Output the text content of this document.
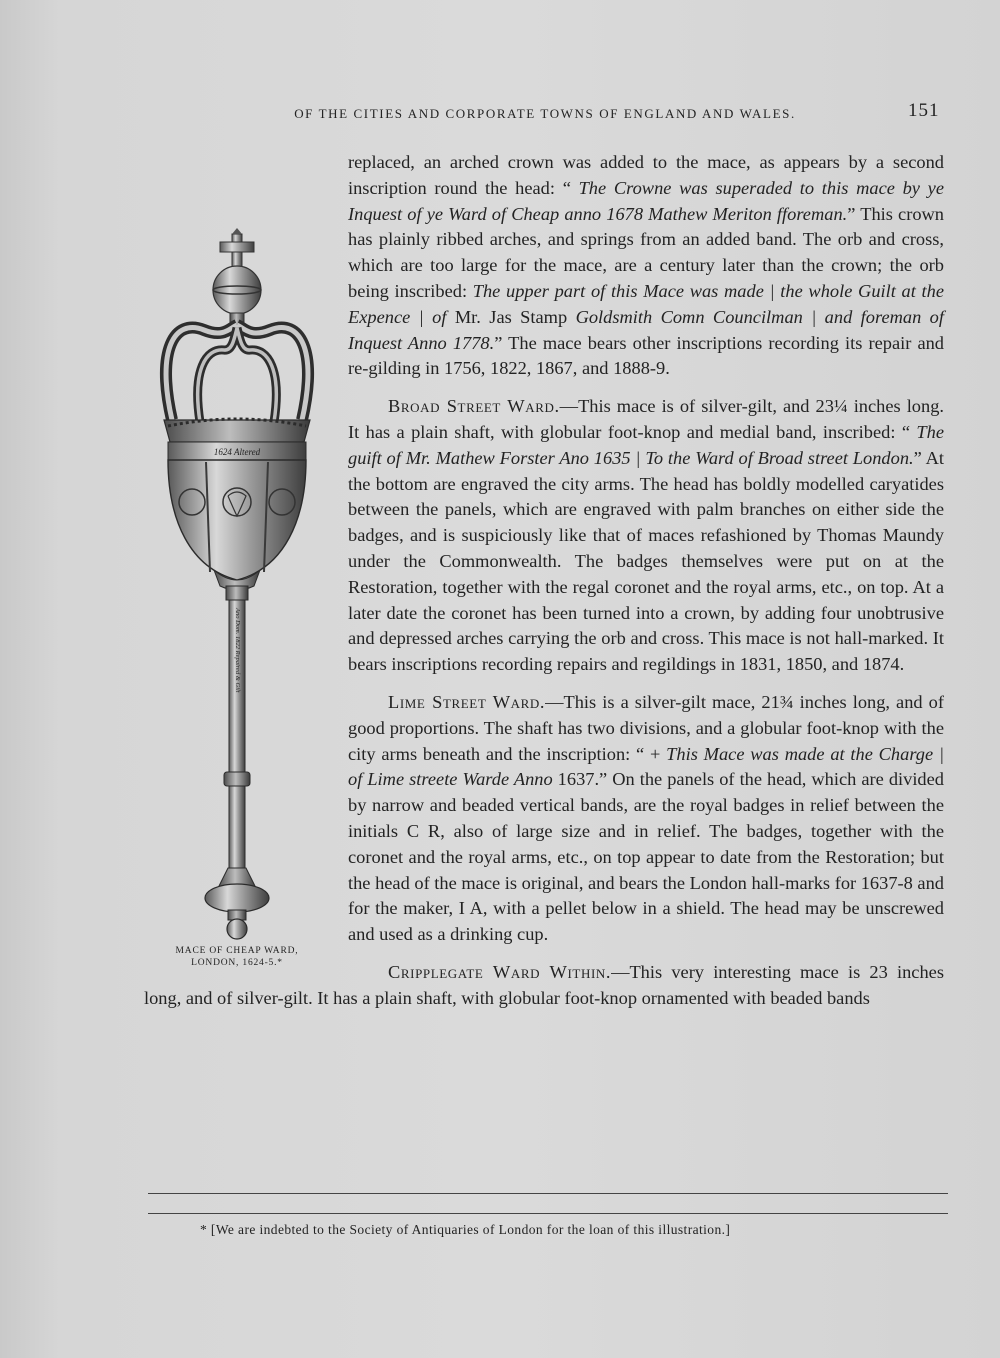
OF THE CITIES AND CORPORATE TOWNS OF ENGLAND AND WALES.	151
1624 Altered
Ano Dom. 1822 Repaired & Gilt
MACE OF CHEAP WARD,
LONDON, 1624-5.*

replaced, an arched crown was added to the mace, as appears by a second inscription round the head: “ The Crowne was superaded to this mace by ye Inquest of ye Ward of Cheap anno 1678 Mathew Meriton fforeman.” This crown has plainly ribbed arches, and springs from an added band. The orb and cross, which are too large for the mace, are a century later than the crown; the orb being inscribed: The upper part of this Mace was made | the whole Guilt at the Expence | of Mr. Jas Stamp Goldsmith Comn Councilman | and foreman of Inquest Anno 1778.” The mace bears other inscriptions recording its repair and re-gilding in 1756, 1822, 1867, and 1888-9.

Broad Street Ward.—This mace is of silver-gilt, and 23¼ inches long. It has a plain shaft, with globular foot-knop and medial band, inscribed: “ The guift of Mr. Mathew Forster Ano 1635 | To the Ward of Broad street London.” At the bottom are engraved the city arms. The head has boldly modelled caryatides between the panels, which are engraved with palm branches on either side the badges, and is suspiciously like that of maces refashioned by Thomas Maundy under the Commonwealth. The badges themselves were put on at the Restoration, together with the regal coronet and the royal arms, etc., on top. At a later date the coronet has been turned into a crown, by adding four unobtrusive and depressed arches carrying the orb and cross. This mace is not hall-marked. It bears inscriptions recording repairs and regildings in 1831, 1850, and 1874.

Lime Street Ward.—This is a silver-gilt mace, 21¾ inches long, and of good proportions. The shaft has two divisions, and a globular foot-knop with the city arms beneath and the inscription: “ + This Mace was made at the Charge | of Lime streete Warde Anno 1637.” On the panels of the head, which are divided by narrow and beaded vertical bands, are the royal badges in relief between the initials C R, also of large size and in relief. The badges, together with the coronet and the royal arms, etc., on top appear to date from the Restoration; but the head of the mace is original, and bears the London hall-marks for 1637-8 and for the maker, I A, with a pellet below in a shield. The head may be unscrewed and used as a drinking cup.

Cripplegate Ward Within.—This very interesting mace is 23 inches long, and of silver-gilt. It has a plain shaft, with globular foot-knop ornamented with beaded bands

* [We are indebted to the Society of Antiquaries of London for the loan of this illustration.]
